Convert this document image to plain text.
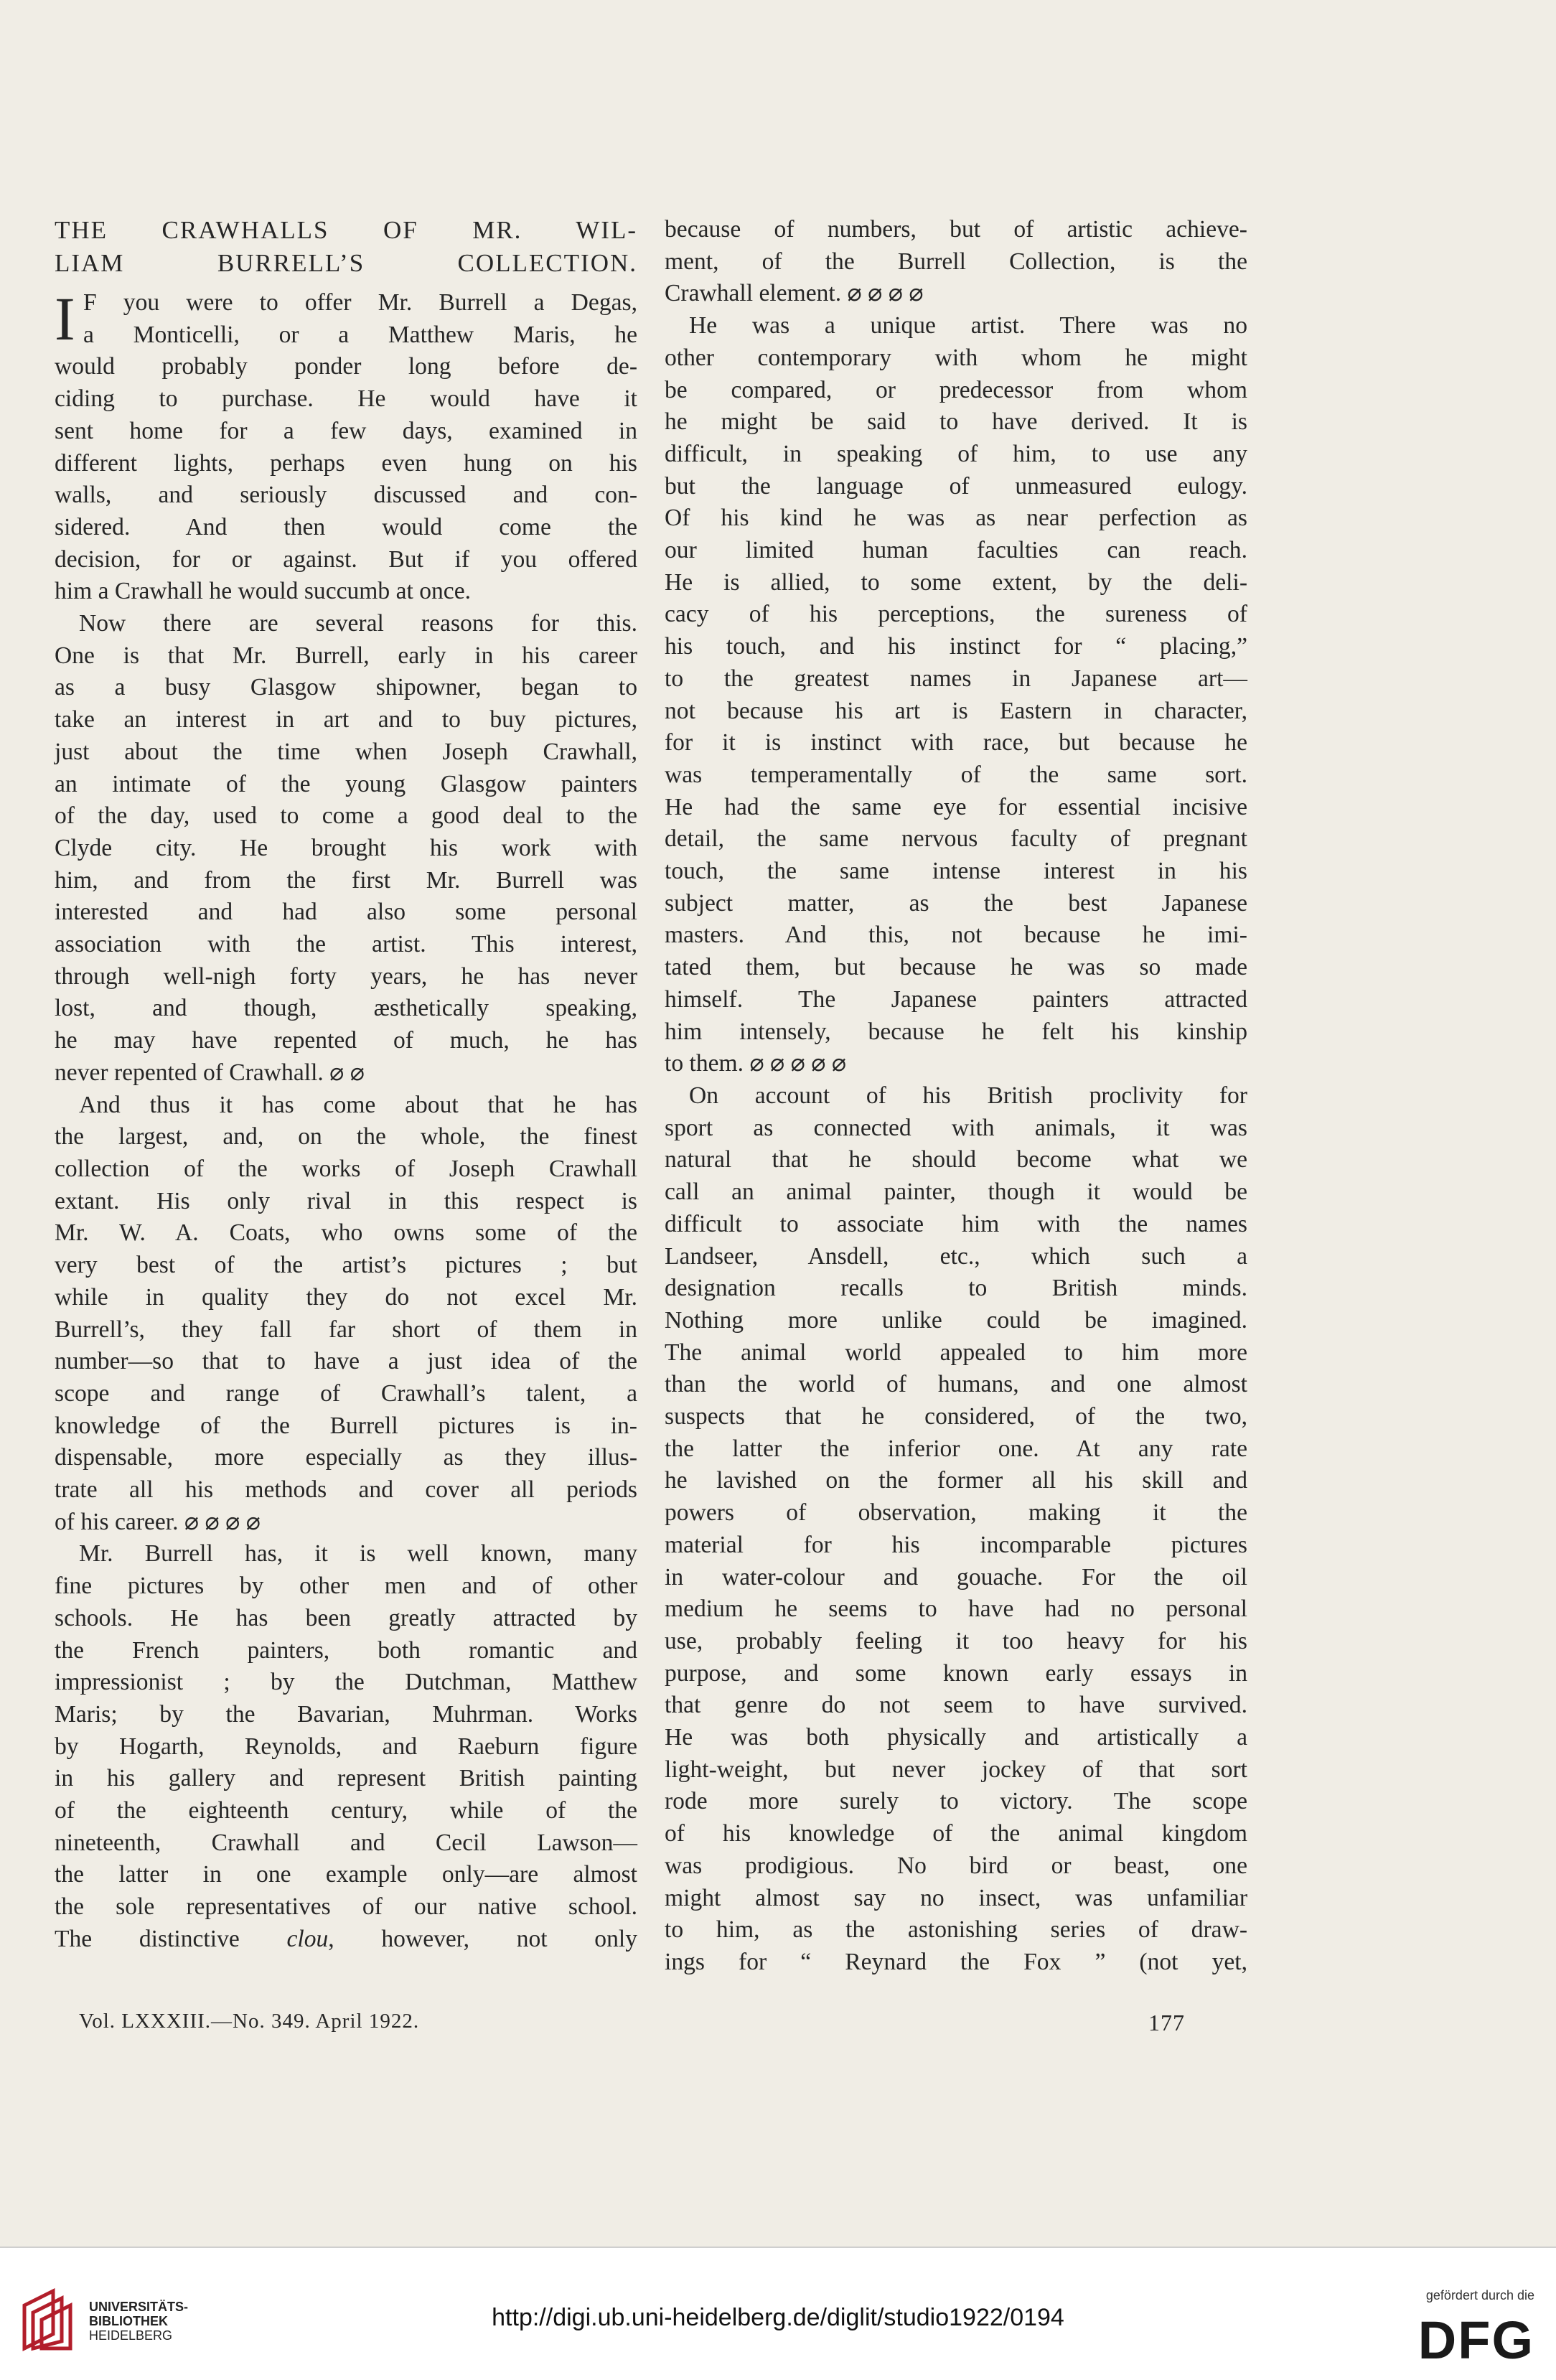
THE CRAWHALLS OF MR. WIL-
LIAM BURRELL’S COLLECTION.
I F you were to offer Mr. Burrell a Degas,
a Monticelli, or a Matthew Maris, he
would probably ponder long before de-
ciding to purchase. He would have it
sent home for a few days, examined in
different lights, perhaps even hung on his
walls, and seriously discussed and con-
sidered. And then would come the
decision, for or against. But if you offered
him a Crawhall he would succumb at once.
Now there are several reasons for this.
One is that Mr. Burrell, early in his career
as a busy Glasgow shipowner, began to
take an interest in art and to buy pictures,
just about the time when Joseph Crawhall,
an intimate of the young Glasgow painters
of the day, used to come a good deal to the
Clyde city. He brought his work with
him, and from the first Mr. Burrell was
interested and had also some personal
association with the artist. This interest,
through well-nigh forty years, he has never
lost, and though, æsthetically speaking,
he may have repented of much, he has
never repented of Crawhall. ⌀ ⌀
And thus it has come about that he has
the largest, and, on the whole, the finest
collection of the works of Joseph Crawhall
extant. His only rival in this respect is
Mr. W. A. Coats, who owns some of the
very best of the artist’s pictures ; but
while in quality they do not excel Mr.
Burrell’s, they fall far short of them in
number—so that to have a just idea of the
scope and range of Crawhall’s talent, a
knowledge of the Burrell pictures is in-
dispensable, more especially as they illus-
trate all his methods and cover all periods
of his career. ⌀ ⌀ ⌀ ⌀
Mr. Burrell has, it is well known, many
fine pictures by other men and of other
schools. He has been greatly attracted by
the French painters, both romantic and
impressionist ; by the Dutchman, Matthew
Maris; by the Bavarian, Muhrman. Works
by Hogarth, Reynolds, and Raeburn figure
in his gallery and represent British painting
of the eighteenth century, while of the
nineteenth, Crawhall and Cecil Lawson—
the latter in one example only—are almost
the sole representatives of our native school.
The distinctive clou, however, not only
because of numbers, but of artistic achieve-
ment, of the Burrell Collection, is the
Crawhall element. ⌀ ⌀ ⌀ ⌀
He was a unique artist. There was no
other contemporary with whom he might
be compared, or predecessor from whom
he might be said to have derived. It is
difficult, in speaking of him, to use any
but the language of unmeasured eulogy.
Of his kind he was as near perfection as
our limited human faculties can reach.
He is allied, to some extent, by the deli-
cacy of his perceptions, the sureness of
his touch, and his instinct for “ placing,”
to the greatest names in Japanese art—
not because his art is Eastern in character,
for it is instinct with race, but because he
was temperamentally of the same sort.
He had the same eye for essential incisive
detail, the same nervous faculty of pregnant
touch, the same intense interest in his
subject matter, as the best Japanese
masters. And this, not because he imi-
tated them, but because he was so made
himself. The Japanese painters attracted
him intensely, because he felt his kinship
to them. ⌀ ⌀ ⌀ ⌀ ⌀
On account of his British proclivity for
sport as connected with animals, it was
natural that he should become what we
call an animal painter, though it would be
difficult to associate him with the names
Landseer, Ansdell, etc., which such a
designation recalls to British minds.
Nothing more unlike could be imagined.
The animal world appealed to him more
than the world of humans, and one almost
suspects that he considered, of the two,
the latter the inferior one. At any rate
he lavished on the former all his skill and
powers of observation, making it the
material for his incomparable pictures
in water-colour and gouache. For the oil
medium he seems to have had no personal
use, probably feeling it too heavy for his
purpose, and some known early essays in
that genre do not seem to have survived.
He was both physically and artistically a
light-weight, but never jockey of that sort
rode more surely to victory. The scope
of his knowledge of the animal kingdom
was prodigious. No bird or beast, one
might almost say no insect, was unfamiliar
to him, as the astonishing series of draw-
ings for “ Reynard the Fox ” (not yet,
Vol. LXXXIII.—No. 349. April 1922.	177
UNIVERSITÄTS-
BIBLIOTHEK
HEIDELBERG
http://digi.ub.uni-heidelberg.de/diglit/studio1922/0194
gefördert durch die
DFG
